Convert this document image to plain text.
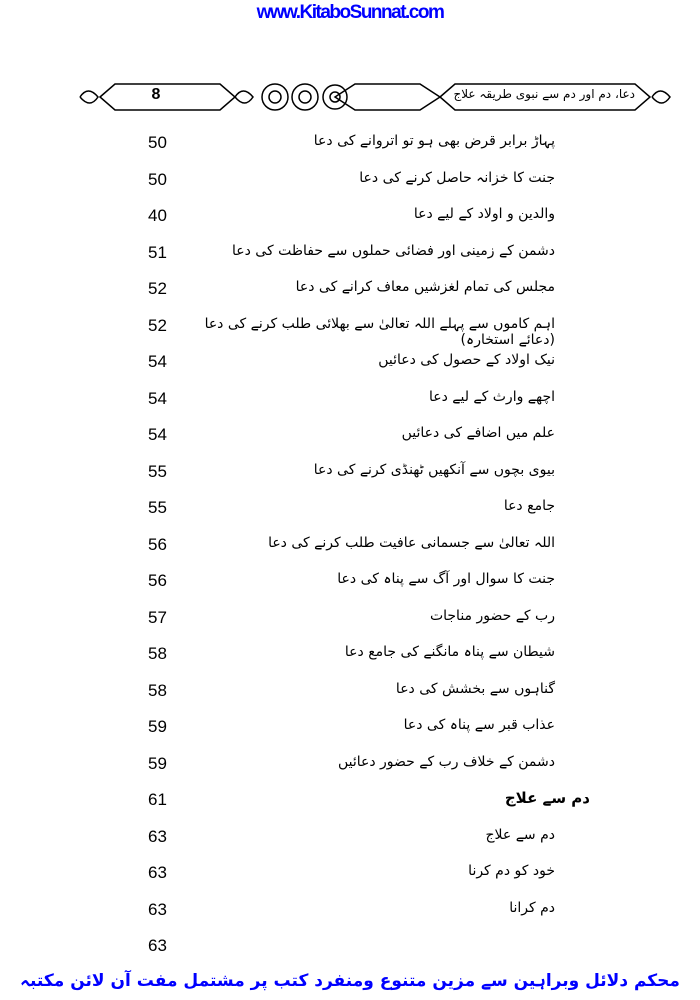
www.KitaboSunnat.com
8	دعا، دم اور دم سے نبوی طریقہ علاج
50	پہاڑ برابر قرض بھی ہو تو اتروانے کی دعا
50	جنت کا خزانہ حاصل کرنے کی دعا
40	والدین و اولاد کے لیے دعا
51	دشمن کے زمینی اور فضائی حملوں سے حفاظت کی دعا
52	مجلس کی تمام لغزشیں معاف کرانے کی دعا
52	اہم کاموں سے پہلے اللہ تعالیٰ سے بھلائی طلب کرنے کی دعا (دعائے استخارہ)
54	نیک اولاد کے حصول کی دعائیں
54	اچھے وارث کے لیے دعا
54	علم میں اضافے کی دعائیں
55	بیوی بچوں سے آنکھیں ٹھنڈی کرنے کی دعا
55	جامع دعا
56	اللہ تعالیٰ سے جسمانی عافیت طلب کرنے کی دعا
56	جنت کا سوال اور آگ سے پناہ کی دعا
57	رب کے حضور مناجات
58	شیطان سے پناہ مانگنے کی جامع دعا
58	گناہوں سے بخشش کی دعا
59	عذاب قبر سے پناہ کی دعا
59	دشمن کے خلاف رب کے حضور دعائیں
61	دم سے علاج
63	دم سے علاج
63	خود کو دم کرنا
63	دم کرانا
63
محکم دلائل وبراہین سے مزین متنوع ومنفرد کتب پر مشتمل مفت آن لائن مکتبہ
